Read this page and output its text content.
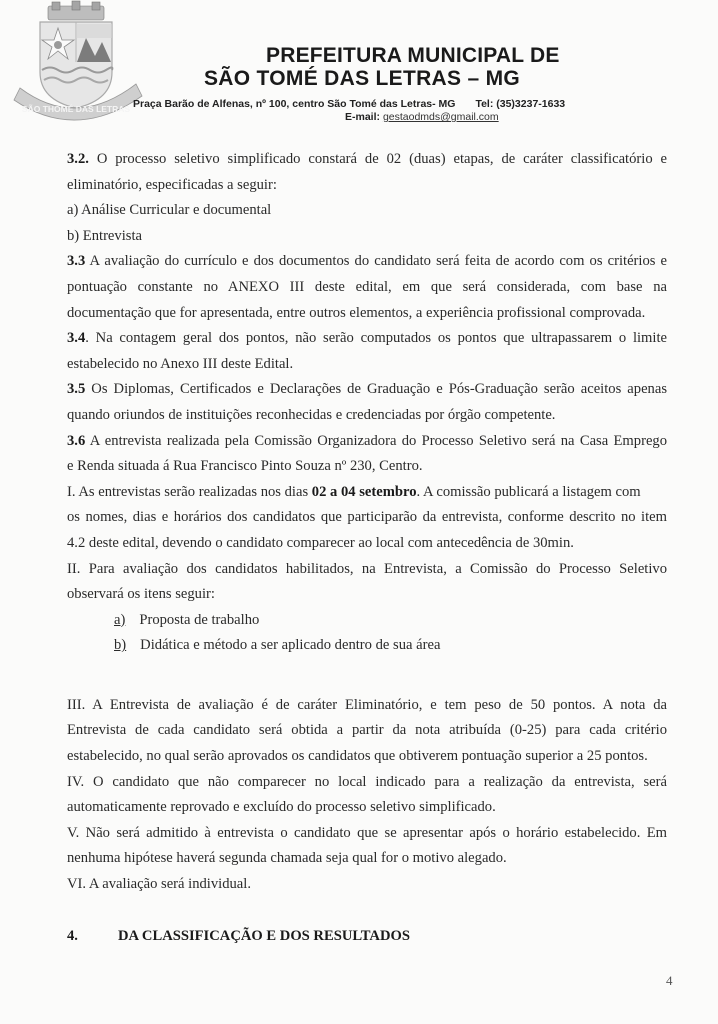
SÃO THOMÉ DAS LETRAS
PREFEITURA MUNICIPAL DE
SÃO TOMÉ DAS LETRAS – MG
Praça Barão de Alfenas, nº 100, centro São Tomé das Letras- MG Tel: (35)3237-1633
E-mail: gestaodmds@gmail.com
3.2. O processo seletivo simplificado constará de 02 (duas) etapas, de caráter classificatório e
eliminatório, especificadas a seguir:
a) Análise Curricular e documental
b) Entrevista
3.3 A avaliação do currículo e dos documentos do candidato será feita de acordo com os critérios e
pontuação constante no ANEXO III deste edital, em que será considerada, com base na
documentação que for apresentada, entre outros elementos, a experiência profissional comprovada.
3.4. Na contagem geral dos pontos, não serão computados os pontos que ultrapassarem o limite
estabelecido no Anexo III deste Edital.
3.5 Os Diplomas, Certificados e Declarações de Graduação e Pós-Graduação serão aceitos apenas
quando oriundos de instituições reconhecidas e credenciadas por órgão competente.
3.6 A entrevista realizada pela Comissão Organizadora do Processo Seletivo será na Casa Emprego
e Renda situada á Rua Francisco Pinto Souza nº 230, Centro.
I. As entrevistas serão realizadas nos dias 02 a 04 setembro. A comissão publicará a listagem com
os nomes, dias e horários dos candidatos que participarão da entrevista, conforme descrito no item
4.2 deste edital, devendo o candidato comparecer ao local com antecedência de 30min.
II. Para avaliação dos candidatos habilitados, na Entrevista, a Comissão do Processo Seletivo
observará os itens seguir:
a) Proposta de trabalho
b) Didática e método a ser aplicado dentro de sua área
III. A Entrevista de avaliação é de caráter Eliminatório, e tem peso de 50 pontos. A nota da
Entrevista de cada candidato será obtida a partir da nota atribuída (0-25) para cada critério
estabelecido, no qual serão aprovados os candidatos que obtiverem pontuação superior a 25 pontos.
IV. O candidato que não comparecer no local indicado para a realização da entrevista, será
automaticamente reprovado e excluído do processo seletivo simplificado.
V. Não será admitido à entrevista o candidato que se apresentar após o horário estabelecido. Em
nenhuma hipótese haverá segunda chamada seja qual for o motivo alegado.
VI. A avaliação será individual.
4.	DA CLASSIFICAÇÃO E DOS RESULTADOS
4
